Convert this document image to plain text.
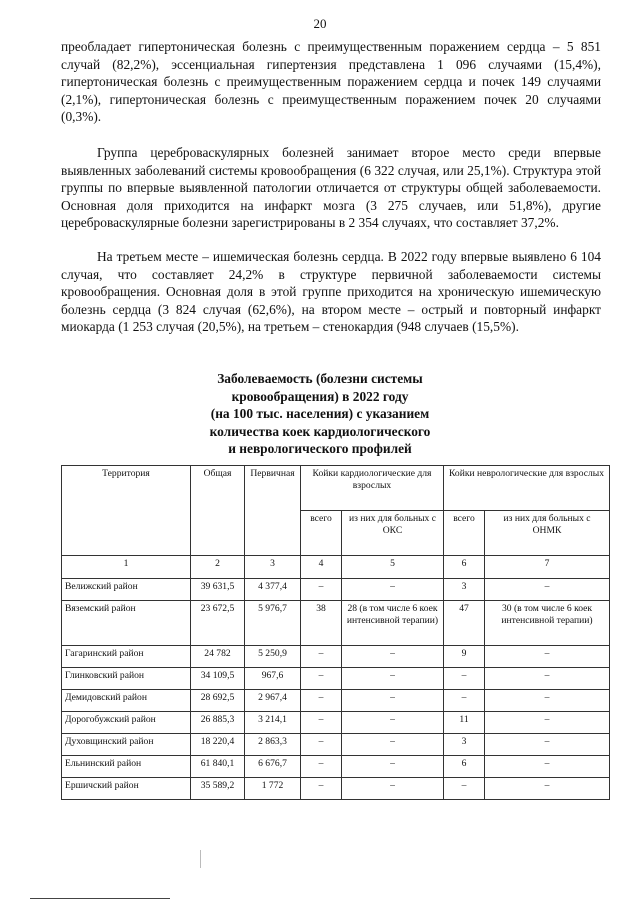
20

преобладает гипертоническая болезнь с преимущественным поражением сердца – 5 851 случай (82,2%), эссенциальная гипертензия представлена 1 096 случаями (15,4%), гипертоническая болезнь с преимущественным поражением сердца и почек 149 случаями (2,1%), гипертоническая болезнь с преимущественным поражением почек 20 случаями (0,3%).

Группа цереброваскулярных болезней занимает второе место среди впервые выявленных заболеваний системы кровообращения (6 322 случая, или 25,1%). Структура этой группы по впервые выявленной патологии отличается от структуры общей заболеваемости. Основная доля приходится на инфаркт мозга (3 275 случаев, или 51,8%), другие цереброваскулярные болезни зарегистрированы в 2 354 случаях, что составляет 37,2%.

На третьем месте – ишемическая болезнь сердца. В 2022 году впервые выявлено 6 104 случая, что составляет 24,2% в структуре первичной заболеваемости системы кровообращения. Основная доля в этой группе приходится на хроническую ишемическую болезнь сердца (3 824 случая (62,6%), на втором месте – острый и повторный инфаркт миокарда (1 253 случая (20,5%), на третьем – стенокардия (948 случаев (15,5%).

Заболеваемость (болезни системы
кровообращения) в 2022 году
(на 100 тыс. населения) с указанием
количества коек кардиологического
и неврологического профилей
Территория	Общая	Первичная	Койки кардиологические для взрослых		Койки неврологические для взрослых	
			всего	из них для больных с ОКС	всего	из них для больных с ОНМК
1	2	3	4	5	6	7
Велижский район	39 631,5	4 377,4	–	–	3	–
Вяземский район	23 672,5	5 976,7	38	28 (в том числе 6 коек интенсивной терапии)	47	30 (в том числе 6 коек интенсивной терапии)
Гагаринский район	24 782	5 250,9	–	–	9	–
Глинковский район	34 109,5	967,6	–	–	–	–
Демидовский район	28 692,5	2 967,4	–	–	–	–
Дорогобужский район	26 885,3	3 214,1	–	–	11	–
Духовщинский район	18 220,4	2 863,3	–	–	3	–
Ельнинский район	61 840,1	6 676,7	–	–	6	–
Ершичский район	35 589,2	1 772	–	–	–	–
